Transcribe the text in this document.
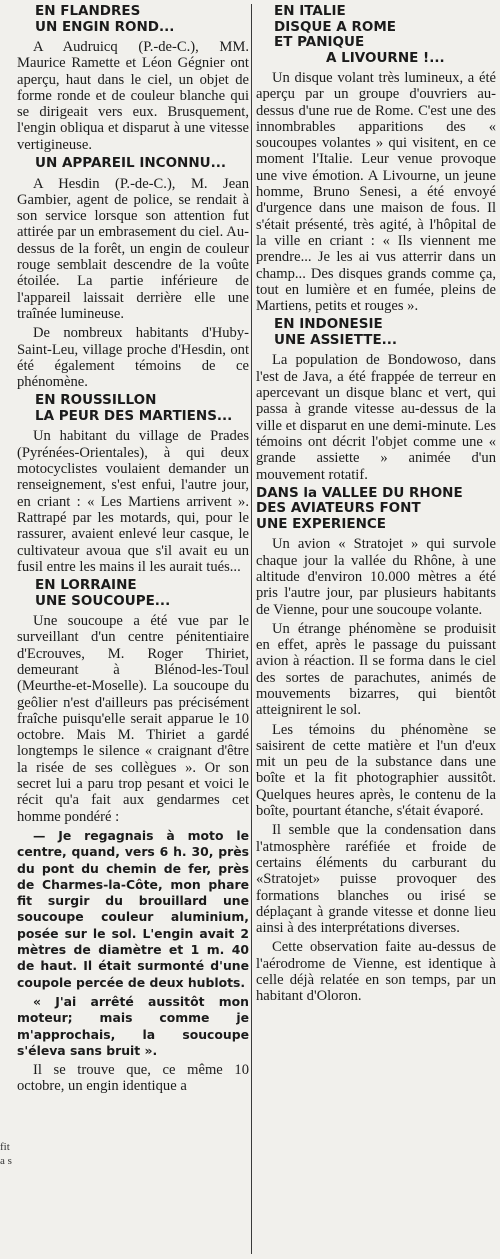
fit a s
EN FLANDRES
UN ENGIN ROND...

A Audruicq (P.-de-C.), MM. Maurice Ramette et Léon Gégnier ont aperçu, haut dans le ciel, un objet de forme ronde et de couleur blanche qui se dirigeait vers eux. Brusquement, l'engin obliqua et disparut à une vitesse vertigineuse.

UN APPAREIL INCONNU...

A Hesdin (P.-de-C.), M. Jean Gambier, agent de police, se rendait à son service lorsque son attention fut attirée par un embrasement du ciel. Au-dessus de la forêt, un engin de couleur rouge semblait descendre de la voûte étoilée. La partie inférieure de l'appareil laissait derrière elle une traînée lumineuse.

De nombreux habitants d'Huby-Saint-Leu, village proche d'Hesdin, ont été également témoins de ce phénomène.

EN ROUSSILLON
LA PEUR DES MARTIENS...

Un habitant du village de Prades (Pyrénées-Orientales), à qui deux motocyclistes voulaient demander un renseignement, s'est enfui, l'autre jour, en criant : « Les Martiens arrivent ». Rattrapé par les motards, qui, pour le rassurer, avaient enlevé leur casque, le cultivateur avoua que s'il avait eu un fusil entre les mains il les aurait tués...

EN LORRAINE
UNE SOUCOUPE...

Une soucoupe a été vue par le surveillant d'un centre pénitentiaire d'Ecrouves, M. Roger Thiriet, demeurant à Blénod-les-Toul (Meurthe-et-Moselle). La soucoupe du geôlier n'est d'ailleurs pas précisément fraîche puisqu'elle serait apparue le 10 octobre. Mais M. Thiriet a gardé longtemps le silence « craignant d'être la risée de ses collègues ». Or son secret lui a paru trop pesant et voici le récit qu'a fait aux gendarmes cet homme pondéré :

— Je regagnais à moto le centre, quand, vers 6 h. 30, près du pont du chemin de fer, près de Charmes-la-Côte, mon phare fit surgir du brouillard une soucoupe couleur aluminium, posée sur le sol. L'engin avait 2 mètres de diamètre et 1 m. 40 de haut. Il était surmonté d'une coupole percée de deux hublots.

« J'ai arrêté aussitôt mon moteur; mais comme je m'approchais, la soucoupe s'éleva sans bruit ».

Il se trouve que, ce même 10 octobre, un engin identique a

EN ITALIE
DISQUE A ROME
ET PANIQUE
A LIVOURNE !...

Un disque volant très lumineux, a été aperçu par un groupe d'ouvriers au-dessus d'une rue de Rome. C'est une des innombrables apparitions des « soucoupes volantes » qui visitent, en ce moment l'Italie. Leur venue provoque une vive émotion. A Livourne, un jeune homme, Bruno Senesi, a été envoyé d'urgence dans une maison de fous. Il s'était présenté, très agité, à l'hôpital de la ville en criant : « Ils viennent me prendre... Je les ai vus atterrir dans un champ... Des disques grands comme ça, tout en lumière et en fumée, pleins de Martiens, petits et rouges ».

EN INDONESIE
UNE ASSIETTE...

La population de Bondowoso, dans l'est de Java, a été frappée de terreur en apercevant un disque blanc et vert, qui passa à grande vitesse au-dessus de la ville et disparut en une demi-minute. Les témoins ont décrit l'objet comme une « grande assiette » animée d'un mouvement rotatif.

DANS la VALLEE DU RHONE
DES AVIATEURS FONT
UNE EXPERIENCE

Un avion « Stratojet » qui survole chaque jour la vallée du Rhône, à une altitude d'environ 10.000 mètres a été pris l'autre jour, par plusieurs habitants de Vienne, pour une soucoupe volante.

Un étrange phénomène se produisit en effet, après le passage du puissant avion à réaction. Il se forma dans le ciel des sortes de parachutes, animés de mouvements bizarres, qui bientôt atteignirent le sol.

Les témoins du phénomène se saisirent de cette matière et l'un d'eux mit un peu de la substance dans une boîte et la fit photographier aussitôt. Quelques heures après, le contenu de la boîte, pourtant étanche, s'était évaporé.

Il semble que la condensation dans l'atmosphère raréfiée et froide de certains éléments du carburant du «Stratojet» puisse provoquer des formations blanches ou irisé se déplaçant à grande vitesse et donne lieu ainsi à des interprétations diverses.

Cette observation faite au-dessus de l'aérodrome de Vienne, est identique à celle déjà relatée en son temps, par un habitant d'Oloron.
